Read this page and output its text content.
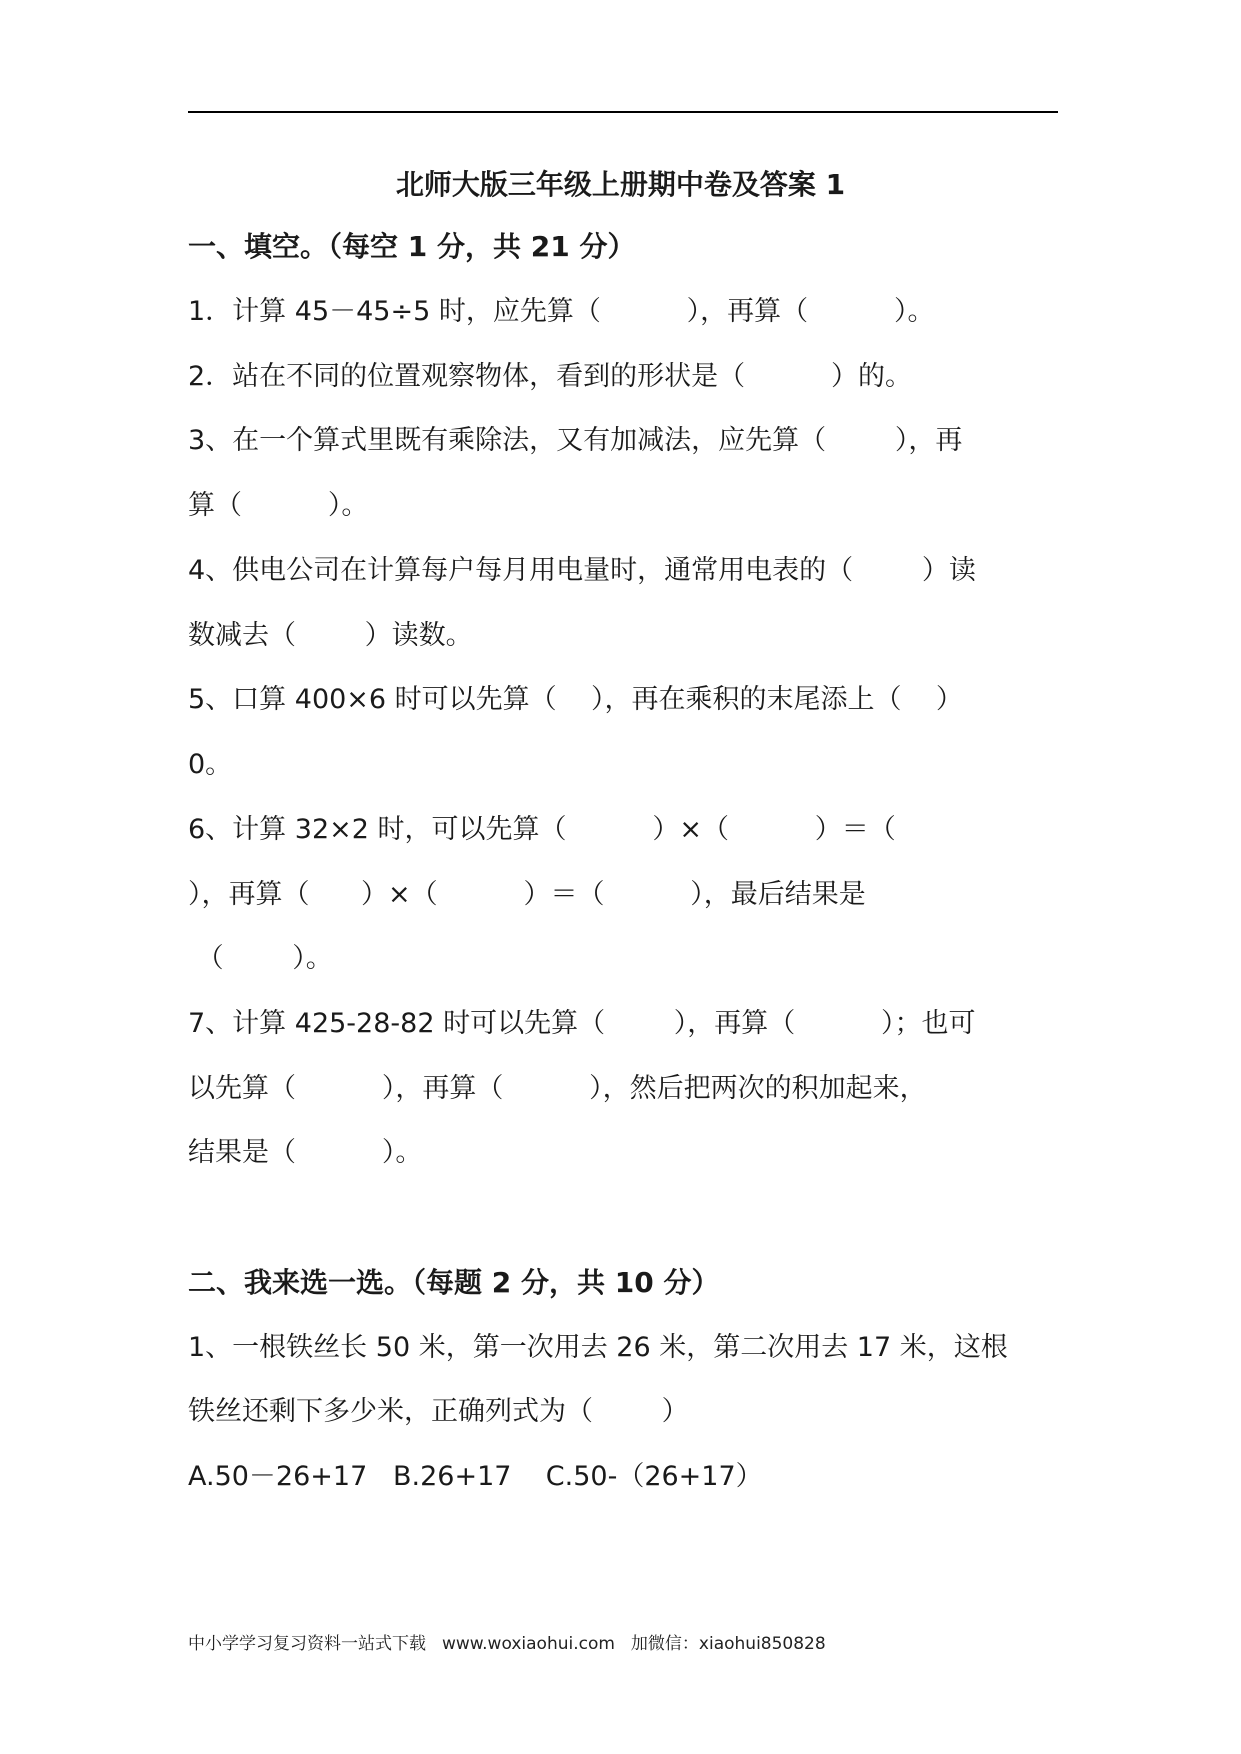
北师大版三年级上册期中卷及答案 1
一、填空。（每空 1 分，共 21 分）
1．计算 45－45÷5 时，应先算（          ），再算（          ）。
2．站在不同的位置观察物体，看到的形状是（          ）的。
3、在一个算式里既有乘除法，又有加减法，应先算（        ），再
算（          ）。
4、供电公司在计算每户每月用电量时，通常用电表的（        ）读
数减去（        ）读数。
5、口算 400×6 时可以先算（    ），再在乘积的末尾添上（    ）
0。
6、计算 32×2 时，可以先算（          ）×（          ）＝（
），再算（      ）×（          ）＝（          ），最后结果是
（        ）。
7、计算 425-28-82 时可以先算（        ），再算（          ）；也可
以先算（          ），再算（          ），然后把两次的积加起来，
结果是（          ）。
二、我来选一选。（每题 2 分，共 10 分）
1、一根铁丝长 50 米，第一次用去 26 米，第二次用去 17 米，这根
铁丝还剩下多少米，正确列式为（        ）
A.50－26+17   B.26+17    C.50-（26+17）
中小学学习复习资料一站式下载 www.woxiaohui.com 加微信：xiaohui850828
